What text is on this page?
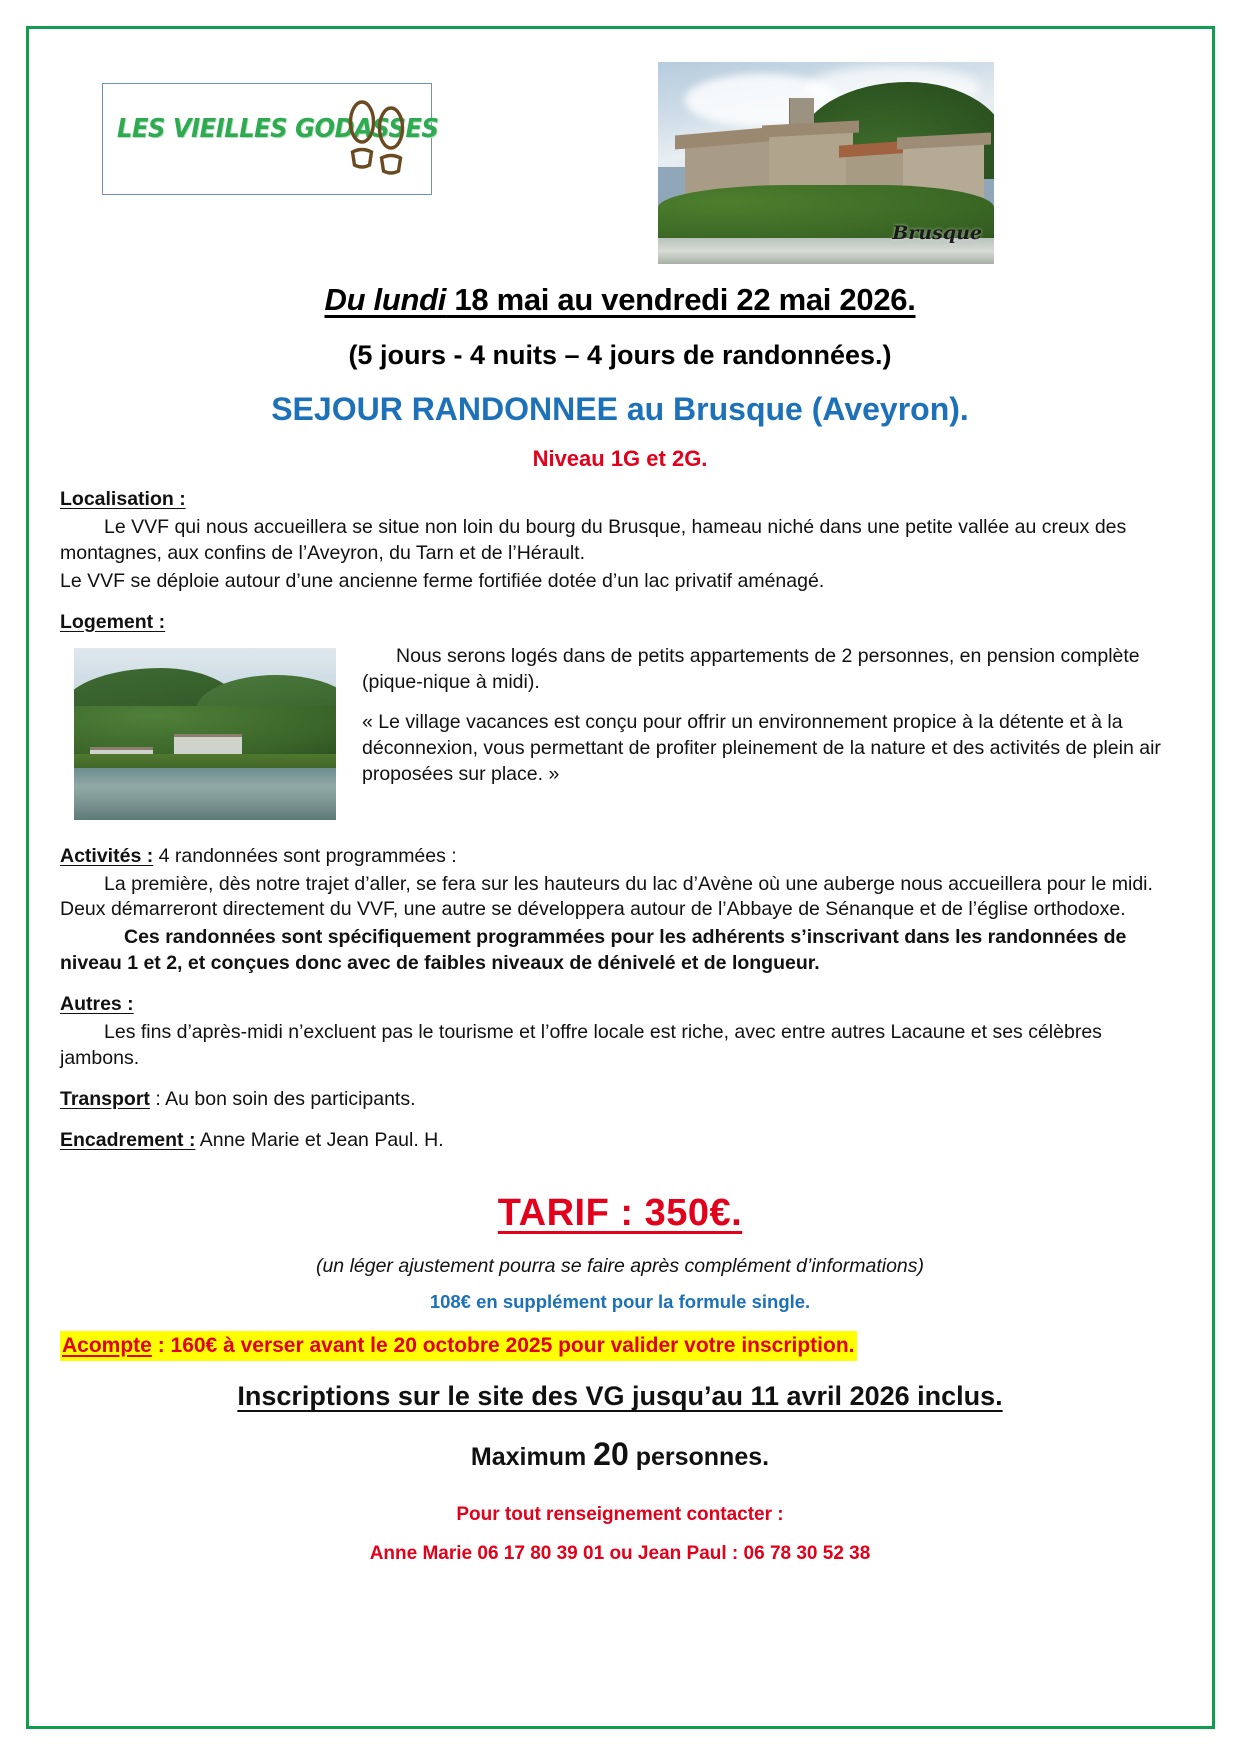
LES VIEILLES GODASSES
Brusque
Du lundi 18 mai au vendredi 22 mai 2026.
(5 jours - 4 nuits – 4 jours de randonnées.)
SEJOUR RANDONNEE au Brusque (Aveyron).
Niveau 1G et 2G.
Localisation :
Le VVF qui nous accueillera se situe non loin du bourg du Brusque, hameau niché dans une petite vallée au creux des montagnes, aux confins de l’Aveyron, du Tarn et de l’Hérault.
Le VVF se déploie autour d’une ancienne ferme fortifiée dotée d’un lac privatif aménagé.
Logement :

Nous serons logés dans de petits appartements de 2 personnes, en pension complète (pique-nique à midi).

« Le village vacances est conçu pour offrir un environnement propice à la détente et à la déconnexion, vous permettant de profiter pleinement de la nature et des activités de plein air proposées sur place. »

Activités : 4 randonnées sont programmées :
La première, dès notre trajet d’aller, se fera sur les hauteurs du lac d’Avène où une auberge nous accueillera pour le midi. Deux démarreront directement du VVF, une autre se développera autour de l’Abbaye de Sénanque et de l’église orthodoxe.
Ces randonnées sont spécifiquement programmées pour les adhérents s’inscrivant dans les randonnées de niveau 1 et 2, et conçues donc avec de faibles niveaux de dénivelé et de longueur.
Autres :
Les fins d’après-midi n’excluent pas le tourisme et l’offre locale est riche, avec entre autres Lacaune et ses célèbres jambons.
Transport : Au bon soin des participants.
Encadrement : Anne Marie et Jean Paul. H.
TARIF : 350€.
(un léger ajustement pourra se faire après complément d’informations)
108€ en supplément pour la formule single.
Acompte : 160€ à verser avant le 20 octobre 2025 pour valider votre inscription.
Inscriptions sur le site des VG jusqu’au 11 avril 2026 inclus.
Maximum 20 personnes.
Pour tout renseignement contacter :
Anne Marie 06 17 80 39 01 ou Jean Paul : 06 78 30 52 38
